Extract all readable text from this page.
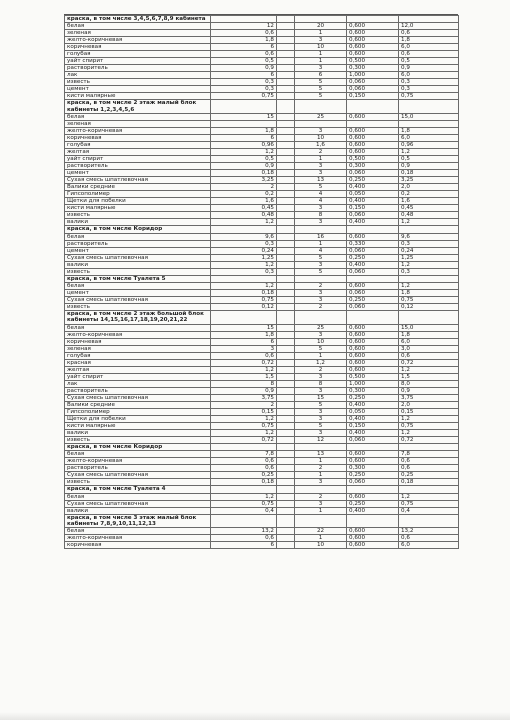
краска, в том числе 3,4,5,6,7,8,9 кабинета					
белая	12		20	0,600	12,0
зеленая	0,6		1	0,600	0,6
желто-коричневая	1,8		3	0,600	1,8
коричневая	6		10	0,600	6,0
голубая	0,6		1	0,600	0,6
уайт спирит	0,5		1	0,500	0,5
растворитель	0,9		3	0,300	0,9
лак	6		6	1,000	6,0
известь	0,3		5	0,060	0,3
цемент	0,3		5	0,060	0,3
кисти малярные	0,75		5	0,150	0,75
краска, в том числе 2 этаж малый блок кабинеты 1,2,3,4,5,6					
белая	15		25	0,600	15,0
зеленая					
желто-коричневая	1,8		3	0,600	1,8
коричневая	6		10	0,600	6,0
голубая	0,96		1,6	0,600	0,96
желтая	1,2		2	0,600	1,2
уайт спирит	0,5		1	0,500	0,5
растворитель	0,9		3	0,300	0,9
цемент	0,18		3	0,060	0,18
Сухая смесь шпатлевочная	3,25		13	0,250	3,25
Валики средние	2		5	0,400	2,0
Гипсополимер	0,2		4	0,050	0,2
Щетки для побелки	1,6		4	0,400	1,6
кисти малярные	0,45		3	0,150	0,45
известь	0,48		8	0,060	0,48
валики	1,2		3	0,400	1,2
краска, в том числе Коридор					
белая	9,6		16	0,600	9,6
растворитель	0,3		1	0,330	0,3
цемент	0,24		4	0,060	0,24
Сухая смесь шпатлевочная	1,25		5	0,250	1,25
валики	1,2		3	0,400	1,2
известь	0,3		5	0,060	0,3
краска, в том числе Туалета 5					
белая	1,2		2	0,600	1,2
цемент	0,18		3	0,060	1,8
Сухая смесь шпатлевочная	0,75		3	0,250	0,75
известь	0,12		2	0,060	0,12
краска, в том числе 2 этаж большой блок кабинеты 14,15,16,17,18,19,20,21,22					
белая	15		25	0,600	15,0
желто-коричневая	1,8		3	0,600	1,8
коричневая	6		10	0,600	6,0
зеленая	3		5	0,600	3,0
голубая	0,6		1	0,600	0,6
красная	0,72		1,2	0,600	0,72
желтая	1,2		2	0,600	1,2
уайт спирит	1,5		3	0,500	1,5
лак	8		8	1,000	8,0
растворитель	0,9		3	0,300	0,9
Сухая смесь шпатлевочная	3,75		15	0,250	3,75
Валики средние	2		5	0,400	2,0
Гипсополимер	0,15		3	0,050	0,15
Щетки для побелки	1,2		3	0,400	1,2
кисти малярные	0,75		5	0,150	0,75
валики	1,2		3	0,400	1,2
известь	0,72		12	0,060	0,72
краска, в том числе Коридор					
белая	7,8		13	0,600	7,8
желто-коричневая	0,6		1	0,600	0,6
растворитель	0,6		2	0,300	0,6
Сухая смесь шпатлевочная	0,25		1	0,250	0,25
известь	0,18		3	0,060	0,18
краска, в том числе Туалета 4					
белая	1,2		2	0,600	1,2
Сухая смесь шпатлевочная	0,75		3	0,250	0,75
валики	0,4		1	0,400	0,4
краска, в том числе 3 этаж малый блок кабинеты 7,8,9,10,11,12,13					
белая	13,2		22	0,600	13,2
желто-коричневая	0,6		1	0,600	0,6
коричневая	6		10	0,600	6,0
